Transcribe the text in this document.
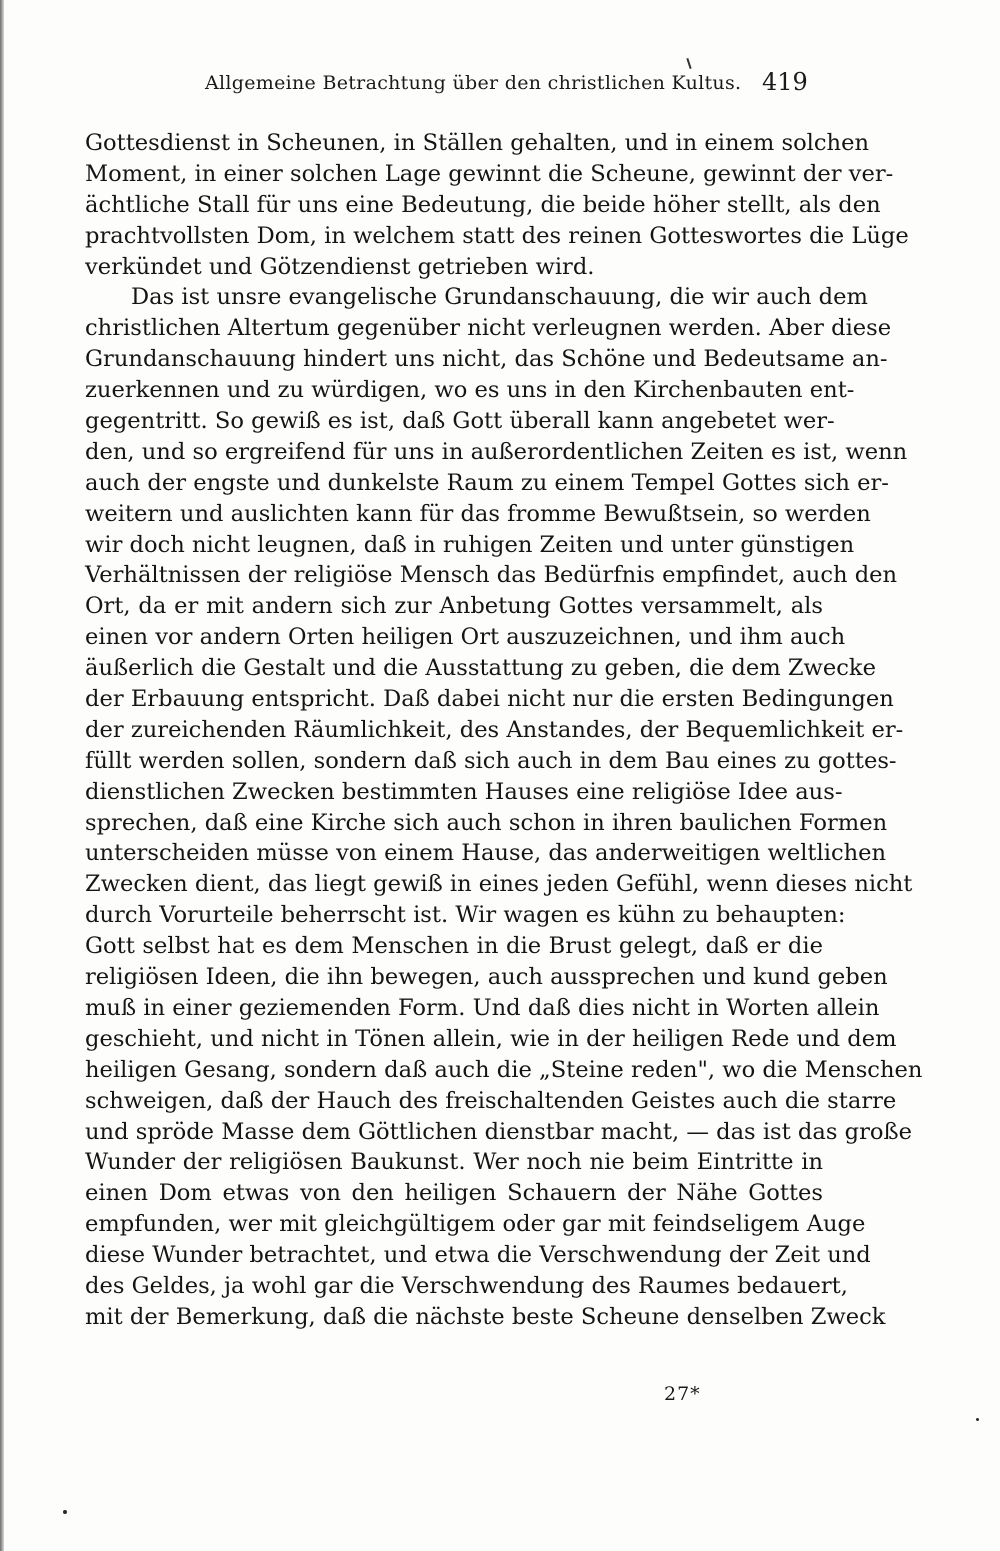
Allgemeine Betrachtung über den christlichen Kultus. 419
Gottesdienst in Scheunen, in Ställen gehalten, und in einem solchen
Moment, in einer solchen Lage gewinnt die Scheune, gewinnt der ver-
ächtliche Stall für uns eine Bedeutung, die beide höher stellt, als den
prachtvollsten Dom, in welchem statt des reinen Gotteswortes die Lüge
verkündet und Götzendienst getrieben wird.
Das ist unsre evangelische Grundanschauung, die wir auch dem
christlichen Altertum gegenüber nicht verleugnen werden. Aber diese
Grundanschauung hindert uns nicht, das Schöne und Bedeutsame an-
zuerkennen und zu würdigen, wo es uns in den Kirchenbauten ent-
gegentritt. So gewiß es ist, daß Gott überall kann angebetet wer-
den, und so ergreifend für uns in außerordentlichen Zeiten es ist, wenn
auch der engste und dunkelste Raum zu einem Tempel Gottes sich er-
weitern und auslichten kann für das fromme Bewußtsein, so werden
wir doch nicht leugnen, daß in ruhigen Zeiten und unter günstigen
Verhältnissen der religiöse Mensch das Bedürfnis empfindet, auch den
Ort, da er mit andern sich zur Anbetung Gottes versammelt, als
einen vor andern Orten heiligen Ort auszuzeichnen, und ihm auch
äußerlich die Gestalt und die Ausstattung zu geben, die dem Zwecke
der Erbauung entspricht. Daß dabei nicht nur die ersten Bedingungen
der zureichenden Räumlichkeit, des Anstandes, der Bequemlichkeit er-
füllt werden sollen, sondern daß sich auch in dem Bau eines zu gottes-
dienstlichen Zwecken bestimmten Hauses eine religiöse Idee aus-
sprechen, daß eine Kirche sich auch schon in ihren baulichen Formen
unterscheiden müsse von einem Hause, das anderweitigen weltlichen
Zwecken dient, das liegt gewiß in eines jeden Gefühl, wenn dieses nicht
durch Vorurteile beherrscht ist. Wir wagen es kühn zu behaupten:
Gott selbst hat es dem Menschen in die Brust gelegt, daß er die
religiösen Ideen, die ihn bewegen, auch aussprechen und kund geben
muß in einer geziemenden Form. Und daß dies nicht in Worten allein
geschieht, und nicht in Tönen allein, wie in der heiligen Rede und dem
heiligen Gesang, sondern daß auch die „Steine reden", wo die Menschen
schweigen, daß der Hauch des freischaltenden Geistes auch die starre
und spröde Masse dem Göttlichen dienstbar macht, — das ist das große
Wunder der religiösen Baukunst. Wer noch nie beim Eintritte in
einen Dom etwas von den heiligen Schauern der Nähe Gottes
empfunden, wer mit gleichgültigem oder gar mit feindseligem Auge
diese Wunder betrachtet, und etwa die Verschwendung der Zeit und
des Geldes, ja wohl gar die Verschwendung des Raumes bedauert,
mit der Bemerkung, daß die nächste beste Scheune denselben Zweck
27*
